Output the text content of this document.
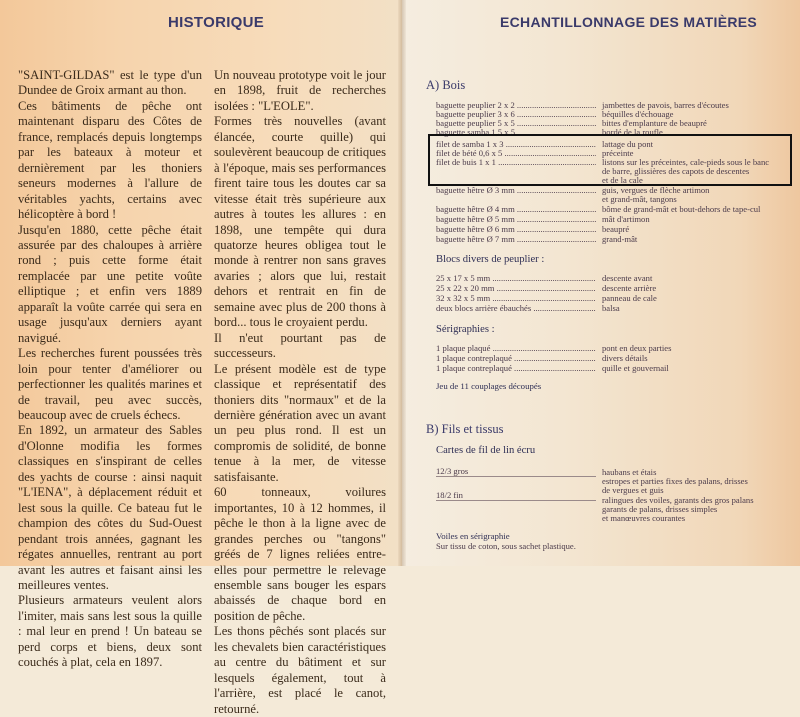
HISTORIQUE	ECHANTILLONNAGE DES MATIÈRES

"SAINT-GILDAS" est le type d'un Dundee de Groix armant au thon.

Ces bâtiments de pêche ont maintenant disparu des Côtes de france, remplacés depuis longtemps par les bateaux à moteur et dernièrement par les thoniers seneurs modernes à l'allure de véritables yachts, certains avec hélicoptère à bord !

Jusqu'en 1880, cette pêche était assurée par des chaloupes à arrière rond ; puis cette forme était remplacée par une petite voûte elliptique ; et enfin vers 1889 apparaît la voûte carrée qui sera en usage jusqu'aux derniers ayant navigué.

Les recherches furent poussées très loin pour tenter d'améliorer ou perfectionner les qualités marines et de travail, peu avec succès, beaucoup avec de cruels échecs.

En 1892, un armateur des Sables d'Olonne modifia les formes classiques en s'inspirant de celles des yachts de course : ainsi naquit "L'IENA", à déplacement réduit et lest sous la quille. Ce bateau fut le champion des côtes du Sud-Ouest pendant trois années, gagnant les régates annuelles, rentrant au port avant les autres et faisant ainsi les meilleures ventes.

Plusieurs armateurs veulent alors l'imiter, mais sans lest sous la quille : mal leur en prend ! Un bateau se perd corps et biens, deux sont couchés à plat, cela en 1897.

Un nouveau prototype voit le jour en 1898, fruit de recherches isolées : "L'EOLE".

Formes très nouvelles (avant élancée, courte quille) qui soulevèrent beaucoup de critiques à l'époque, mais ses performances firent taire tous les doutes car sa vitesse était très supérieure aux autres à toutes les allures : en 1898, une tempête qui dura quatorze heures obligea tout le monde à rentrer non sans graves avaries ; alors que lui, restait dehors et rentrait en fin de semaine avec plus de 200 thons à bord... tous le croyaient perdu.

Il n'eut pourtant pas de successeurs.

Le présent modèle est de type classique et représentatif des thoniers dits "normaux" et de la dernière génération avec un avant un peu plus rond. Il est un compromis de solidité, de bonne tenue à la mer, de vitesse satisfaisante.

60 tonneaux, voilures importantes, 10 à 12 hommes, il pêche le thon à la ligne avec de grandes perches ou "tangons" gréés de 7 lignes reliées entre-elles pour permettre le relevage ensemble sans bouger les espars abaissés de chaque bord en position de pêche.

Les thons pêchés sont placés sur les chevalets bien caractéristiques au centre du bâtiment et sur lesquels également, tout à l'arrière, est placé le canot, retourné.

A) Bois
baguette peuplier 2 x 2 .....	jambettes de pavois, barres d'écoutes
baguette peuplier 3 x 6 .....	béquilles d'échouage
baguette peuplier 5 x 5 .....	bittes d'emplanture de beaupré
baguette samba 1,5 x 5 .....	bordé de la roufle
filet de samba 1 x 3 .....	lattage du pont
filet de bété 0,6 x 5 .....	préceinte
filet de buis 1 x 1 .....	listons sur les préceintes, cale-pieds sous le banc
de barre, glissières des capots de descentes
et de la cale
baguette hêtre Ø 3 mm .....	guis, vergues de flèche artimon
et grand-mât, tangons
baguette hêtre Ø 4 mm .....	bôme de grand-mât et bout-dehors de tape-cul
baguette hêtre Ø 5 mm .....	mât d'artimon
baguette hêtre Ø 6 mm .....	beaupré
baguette hêtre Ø 7 mm .....	grand-mât
Blocs divers de peuplier :
25 x 17 x 5 mm .....	descente avant
25 x 22 x 20 mm .....	descente arrière
32 x 32 x 5 mm .....	panneau de cale
deux blocs arrière ébauchés .....	balsa
Sérigraphies :
1 plaque plaqué .....	pont en deux parties
1 plaque contreplaqué .....	divers détails
1 plaque contreplaqué .....	quille et gouvernail
Jeu de 11 couplages découpés
B) Fils et tissus
Cartes de fil de lin écru
12/3 gros	haubans et étais
estropes et parties fixes des palans, drisses
de vergues et guis
18/2 fin	ralingues des voiles, garants des gros palans
garants de palans, drisses simples
et manœuvres courantes
Voiles en sérigraphie
Sur tissu de coton, sous sachet plastique.
